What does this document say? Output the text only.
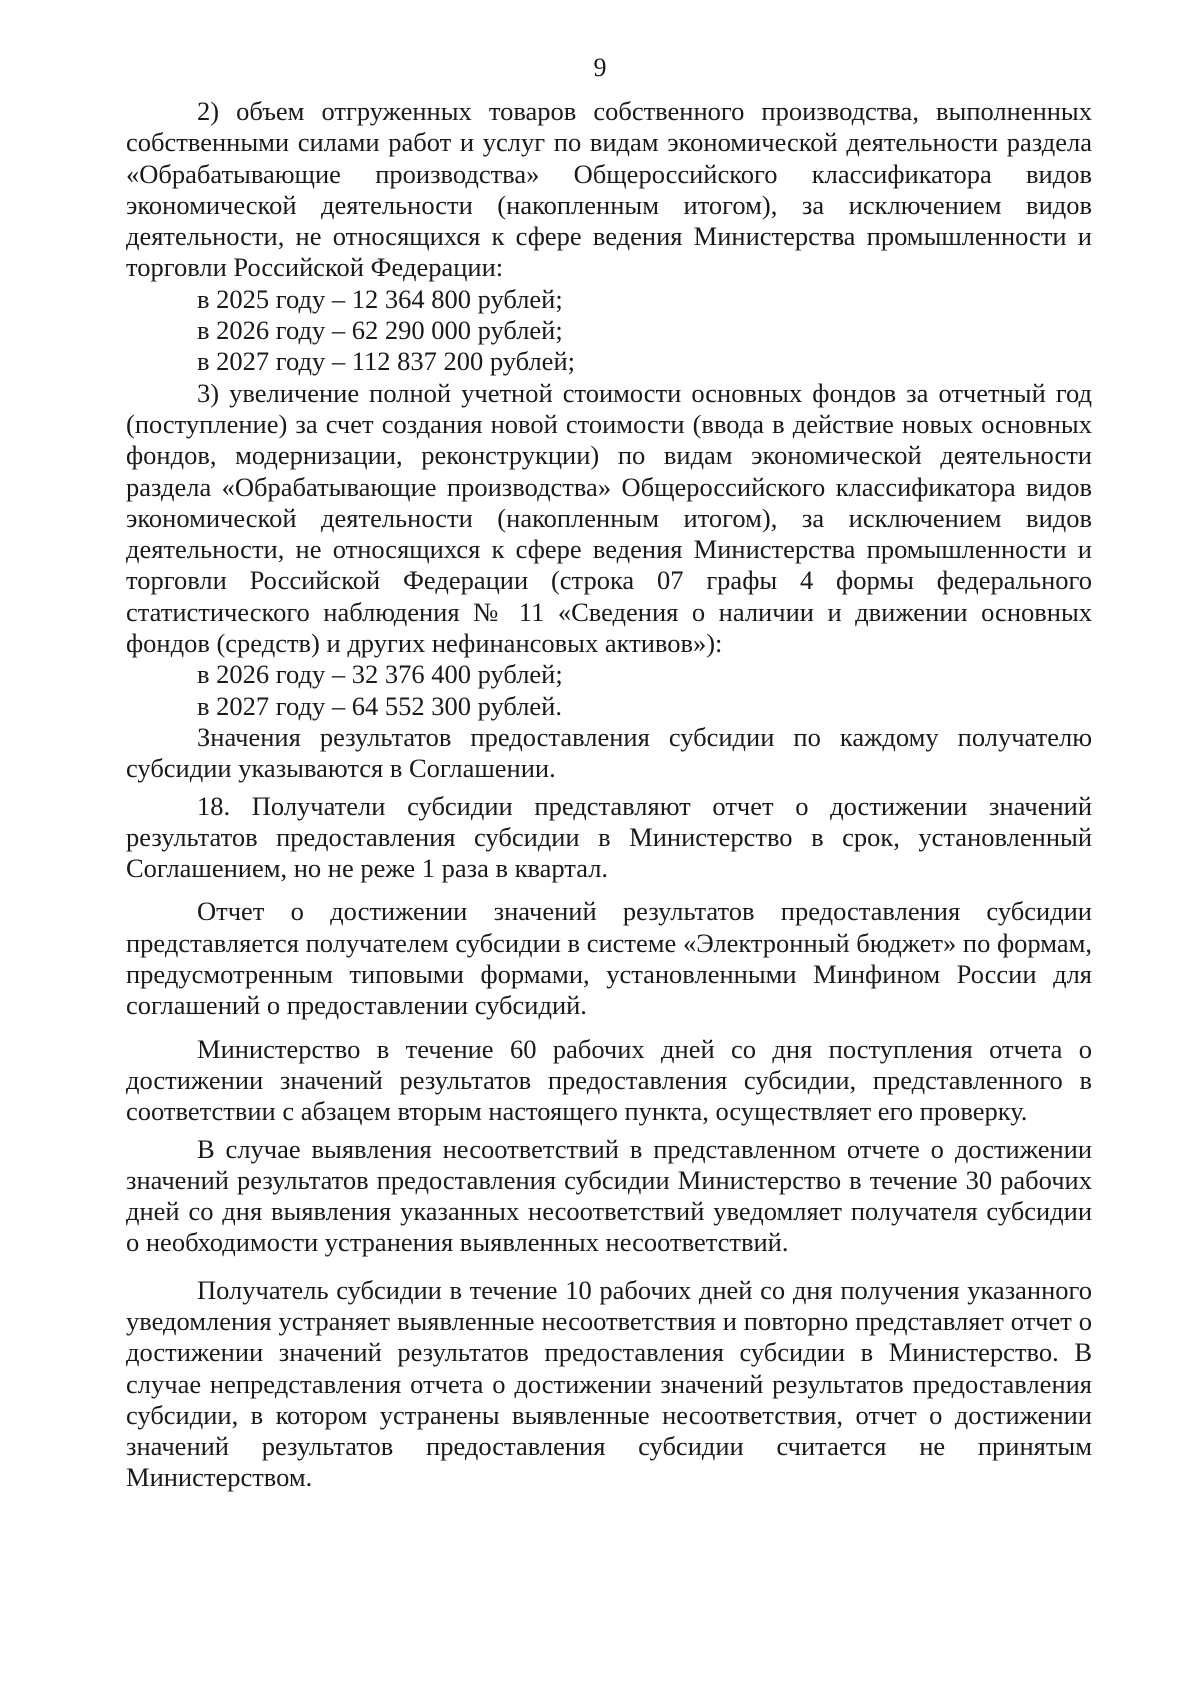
9

2) объем отгруженных товаров собственного производства, выполненных собственными силами работ и услуг по видам экономической деятельности раздела «Обрабатывающие производства» Общероссийского классификатора видов экономической деятельности (накопленным итогом), за исключением видов деятельности, не относящихся к сфере ведения Министерства промышленности и торговли Российской Федерации:

в 2025 году – 12 364 800 рублей;

в 2026 году – 62 290 000 рублей;

в 2027 году – 112 837 200 рублей;

3) увеличение полной учетной стоимости основных фондов за отчетный год (поступление) за счет создания новой стоимости (ввода в действие новых основных фондов, модернизации, реконструкции) по видам экономической деятельности раздела «Обрабатывающие производства» Общероссийского классификатора видов экономической деятельности (накопленным итогом), за исключением видов деятельности, не относящихся к сфере ведения Министерства промышленности и торговли Российской Федерации (строка 07 графы 4 формы федерального статистического наблюдения № 11 «Сведения о наличии и движении основных фондов (средств) и других нефинансовых активов»):

в 2026 году – 32 376 400 рублей;

в 2027 году – 64 552 300 рублей.

Значения результатов предоставления субсидии по каждому получателю субсидии указываются в Соглашении.

18. Получатели субсидии представляют отчет о достижении значений результатов предоставления субсидии в Министерство в срок, установленный Соглашением, но не реже 1 раза в квартал.

Отчет о достижении значений результатов предоставления субсидии представляется получателем субсидии в системе «Электронный бюджет» по формам, предусмотренным типовыми формами, установленными Минфином России для соглашений о предоставлении субсидий.

Министерство в течение 60 рабочих дней со дня поступления отчета о достижении значений результатов предоставления субсидии, представленного в соответствии с абзацем вторым настоящего пункта, осуществляет его проверку.

В случае выявления несоответствий в представленном отчете о достижении значений результатов предоставления субсидии Министерство в течение 30 рабочих дней со дня выявления указанных несоответствий уведомляет получателя субсидии о необходимости устранения выявленных несоответствий.

Получатель субсидии в течение 10 рабочих дней со дня получения указанного уведомления устраняет выявленные несоответствия и повторно представляет отчет о достижении значений результатов предоставления субсидии в Министерство. В случае непредставления отчета о достижении значений результатов предоставления субсидии, в котором устранены выявленные несоответствия, отчет о достижении значений результатов предоставления субсидии считается не принятым Министерством.
